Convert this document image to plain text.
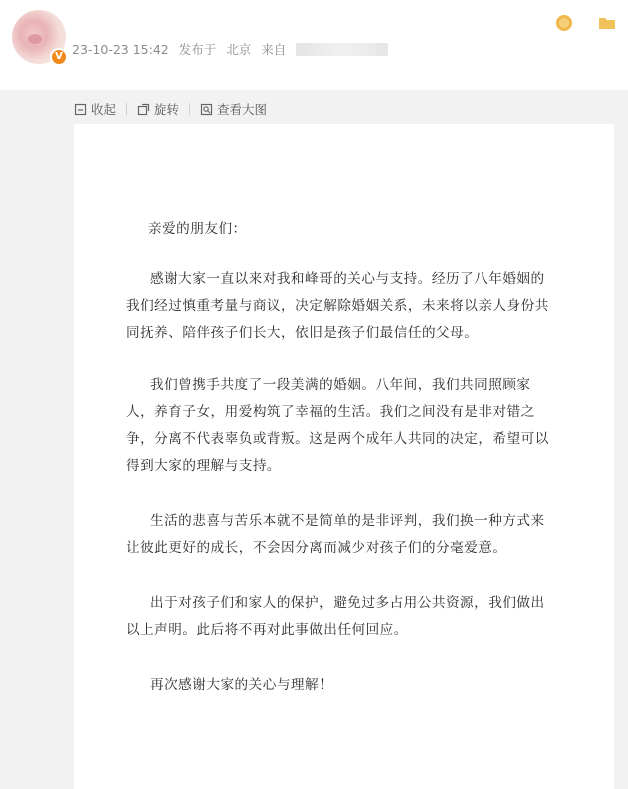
V 23-10-23 15:42 发布于 北京 来自
收起	旋转	查看大图

亲爱的朋友们：

感谢大家一直以来对我和峰哥的关心与支持。经历了八年婚姻的我们经过慎重考量与商议，决定解除婚姻关系，未来将以亲人身份共同抚养、陪伴孩子们长大，依旧是孩子们最信任的父母。

我们曾携手共度了一段美满的婚姻。八年间，我们共同照顾家人，养育子女，用爱构筑了幸福的生活。我们之间没有是非对错之争，分离不代表辜负或背叛。这是两个成年人共同的决定，希望可以得到大家的理解与支持。

生活的悲喜与苦乐本就不是简单的是非评判，我们换一种方式来让彼此更好的成长，不会因分离而减少对孩子们的分毫爱意。

出于对孩子们和家人的保护，避免过多占用公共资源，我们做出以上声明。此后将不再对此事做出任何回应。

再次感谢大家的关心与理解！
